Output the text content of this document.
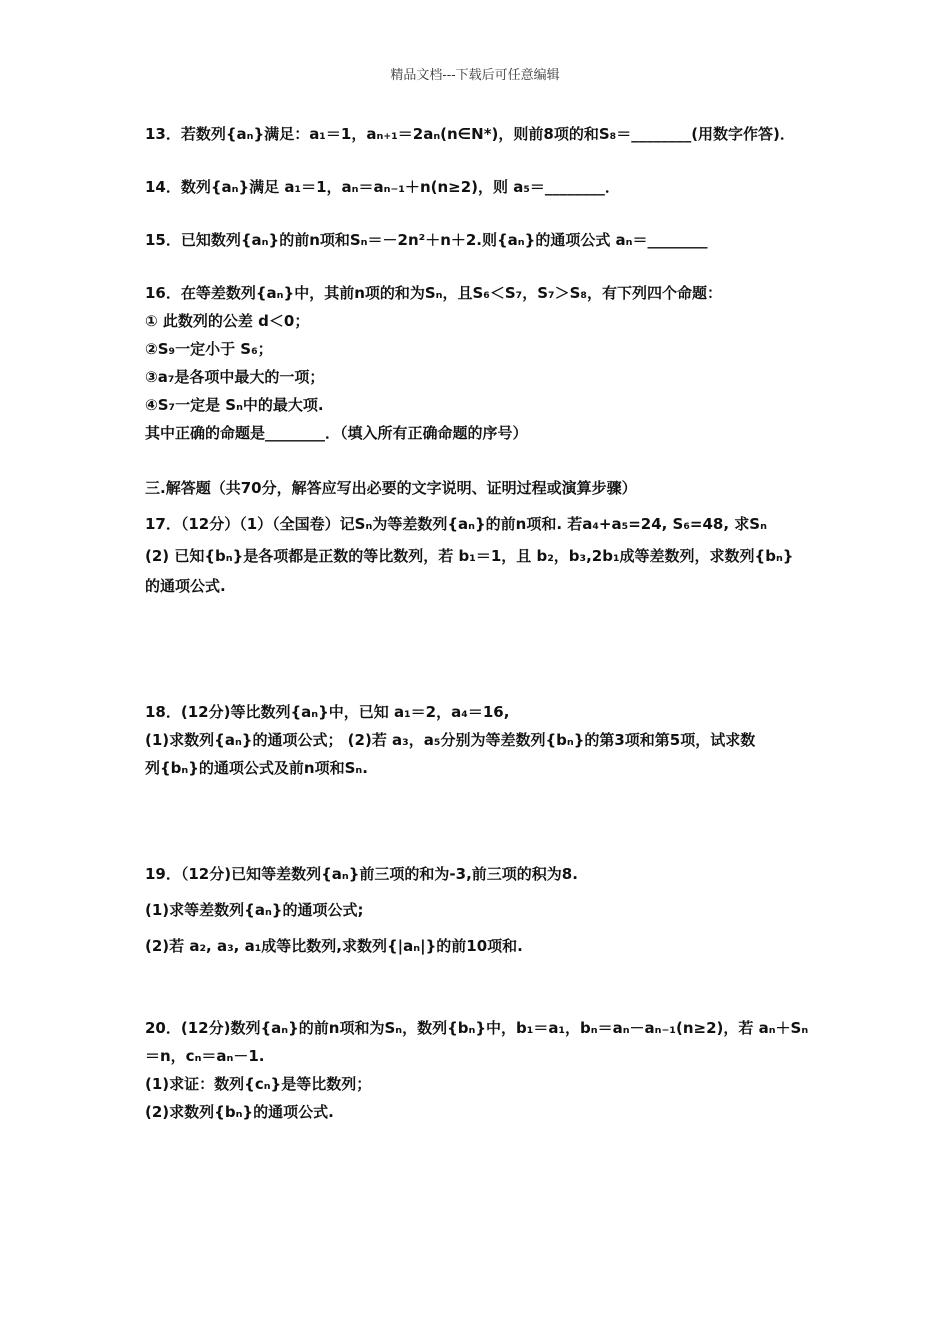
精品文档---下载后可任意编辑
13．若数列{aₙ}满足：a₁＝1，aₙ₊₁＝2aₙ(n∈N*)，则前8项的和S₈＝________(用数字作答)．
14．数列{aₙ}满足 a₁＝1，aₙ＝aₙ₋₁＋n(n≥2)，则 a₅＝________．
15．已知数列{aₙ}的前n项和Sₙ＝－2n²＋n＋2.则{aₙ}的通项公式 aₙ＝________
16．在等差数列{aₙ}中，其前n项的和为Sₙ，且S₆＜S₇，S₇＞S₈，有下列四个命题：
① 此数列的公差 d＜0；
②S₉一定小于 S₆；
③a₇是各项中最大的一项；
④S₇一定是 Sₙ中的最大项.
其中正确的命题是________．（填入所有正确命题的序号）
三.解答题（共70分，解答应写出必要的文字说明、证明过程或演算步骤）
17．（12分）（1）（全国卷）记Sₙ为等差数列{aₙ}的前n项和. 若a₄+a₅=24, S₆=48, 求Sₙ
(2) 已知{bₙ}是各项都是正数的等比数列，若 b₁＝1，且 b₂，b₃,2b₁成等差数列，求数列{bₙ}
的通项公式.
18．(12分)等比数列{aₙ}中，已知 a₁＝2，a₄＝16,
(1)求数列{aₙ}的通项公式； (2)若 a₃，a₅分别为等差数列{bₙ}的第3项和第5项，试求数
列{bₙ}的通项公式及前n项和Sₙ.
19．（12分)已知等差数列{aₙ}前三项的和为-3,前三项的积为8.
(1)求等差数列{aₙ}的通项公式;
(2)若 a₂, a₃, a₁成等比数列,求数列{|aₙ|}的前10项和.
20．(12分)数列{aₙ}的前n项和为Sₙ，数列{bₙ}中，b₁＝a₁，bₙ＝aₙ－aₙ₋₁(n≥2)，若 aₙ＋Sₙ
＝n，cₙ＝aₙ－1.
(1)求证：数列{cₙ}是等比数列；
(2)求数列{bₙ}的通项公式.
